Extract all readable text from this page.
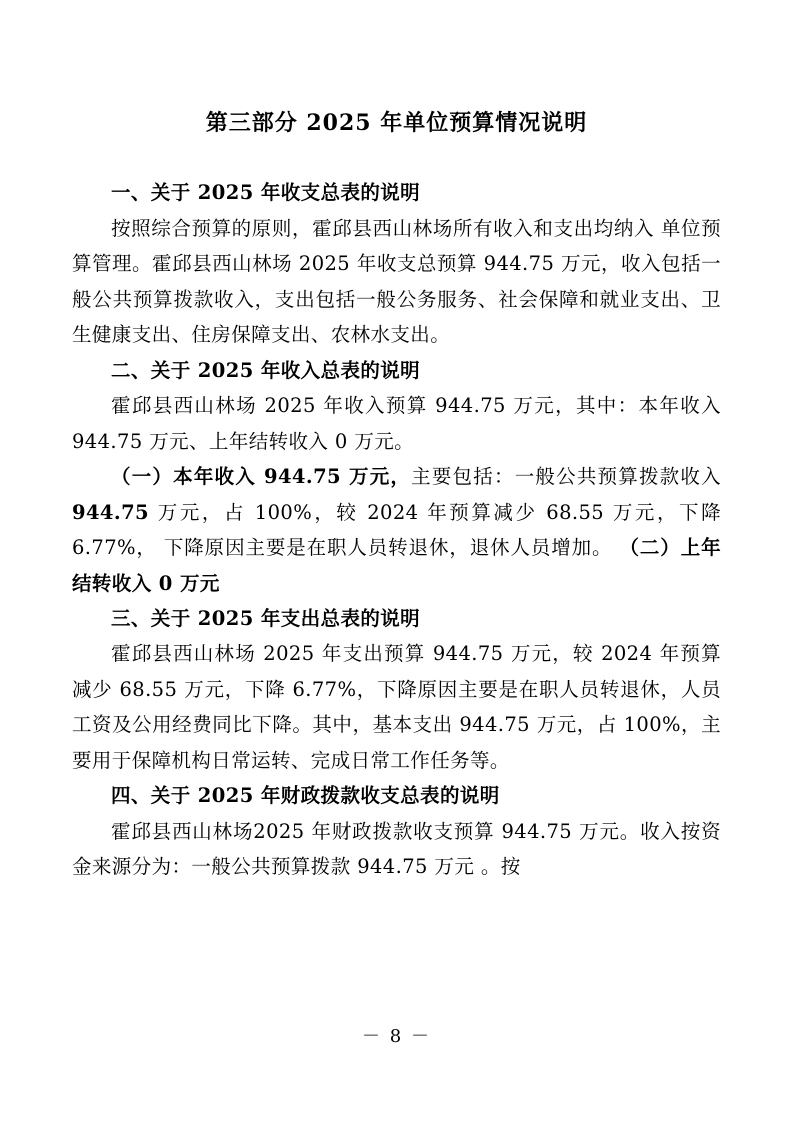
第三部分 2025 年单位预算情况说明

一、关于 2025 年收支总表的说明

按照综合预算的原则，霍邱县西山林场所有收入和支出均纳入 单位预算管理。霍邱县西山林场 2025 年收支总预算 944.75 万元，收入包括一般公共预算拨款收入，支出包括一般公务服务、社会保障和就业支出、卫生健康支出、住房保障支出、农林水支出。

二、关于 2025 年收入总表的说明

霍邱县西山林场 2025 年收入预算 944.75 万元，其中：本年收入 944.75 万元、上年结转收入 0 万元。

（一）本年收入 944.75 万元，主要包括：一般公共预算拨款收入 944.75 万元，占 100%，较 2024 年预算减少 68.55 万元，下降 6.77%， 下降原因主要是在职人员转退休，退休人员增加。 （二）上年结转收入 0 万元

三、关于 2025 年支出总表的说明

霍邱县西山林场 2025 年支出预算 944.75 万元，较 2024 年预算减少 68.55 万元，下降 6.77%，下降原因主要是在职人员转退休，人员工资及公用经费同比下降。其中，基本支出 944.75 万元，占 100%，主要用于保障机构日常运转、完成日常工作任务等。

四、关于 2025 年财政拨款收支总表的说明

霍邱县西山林场2025 年财政拨款收支预算 944.75 万元。收入按资金来源分为：一般公共预算拨款 944.75 万元 。按

－ 8 －
